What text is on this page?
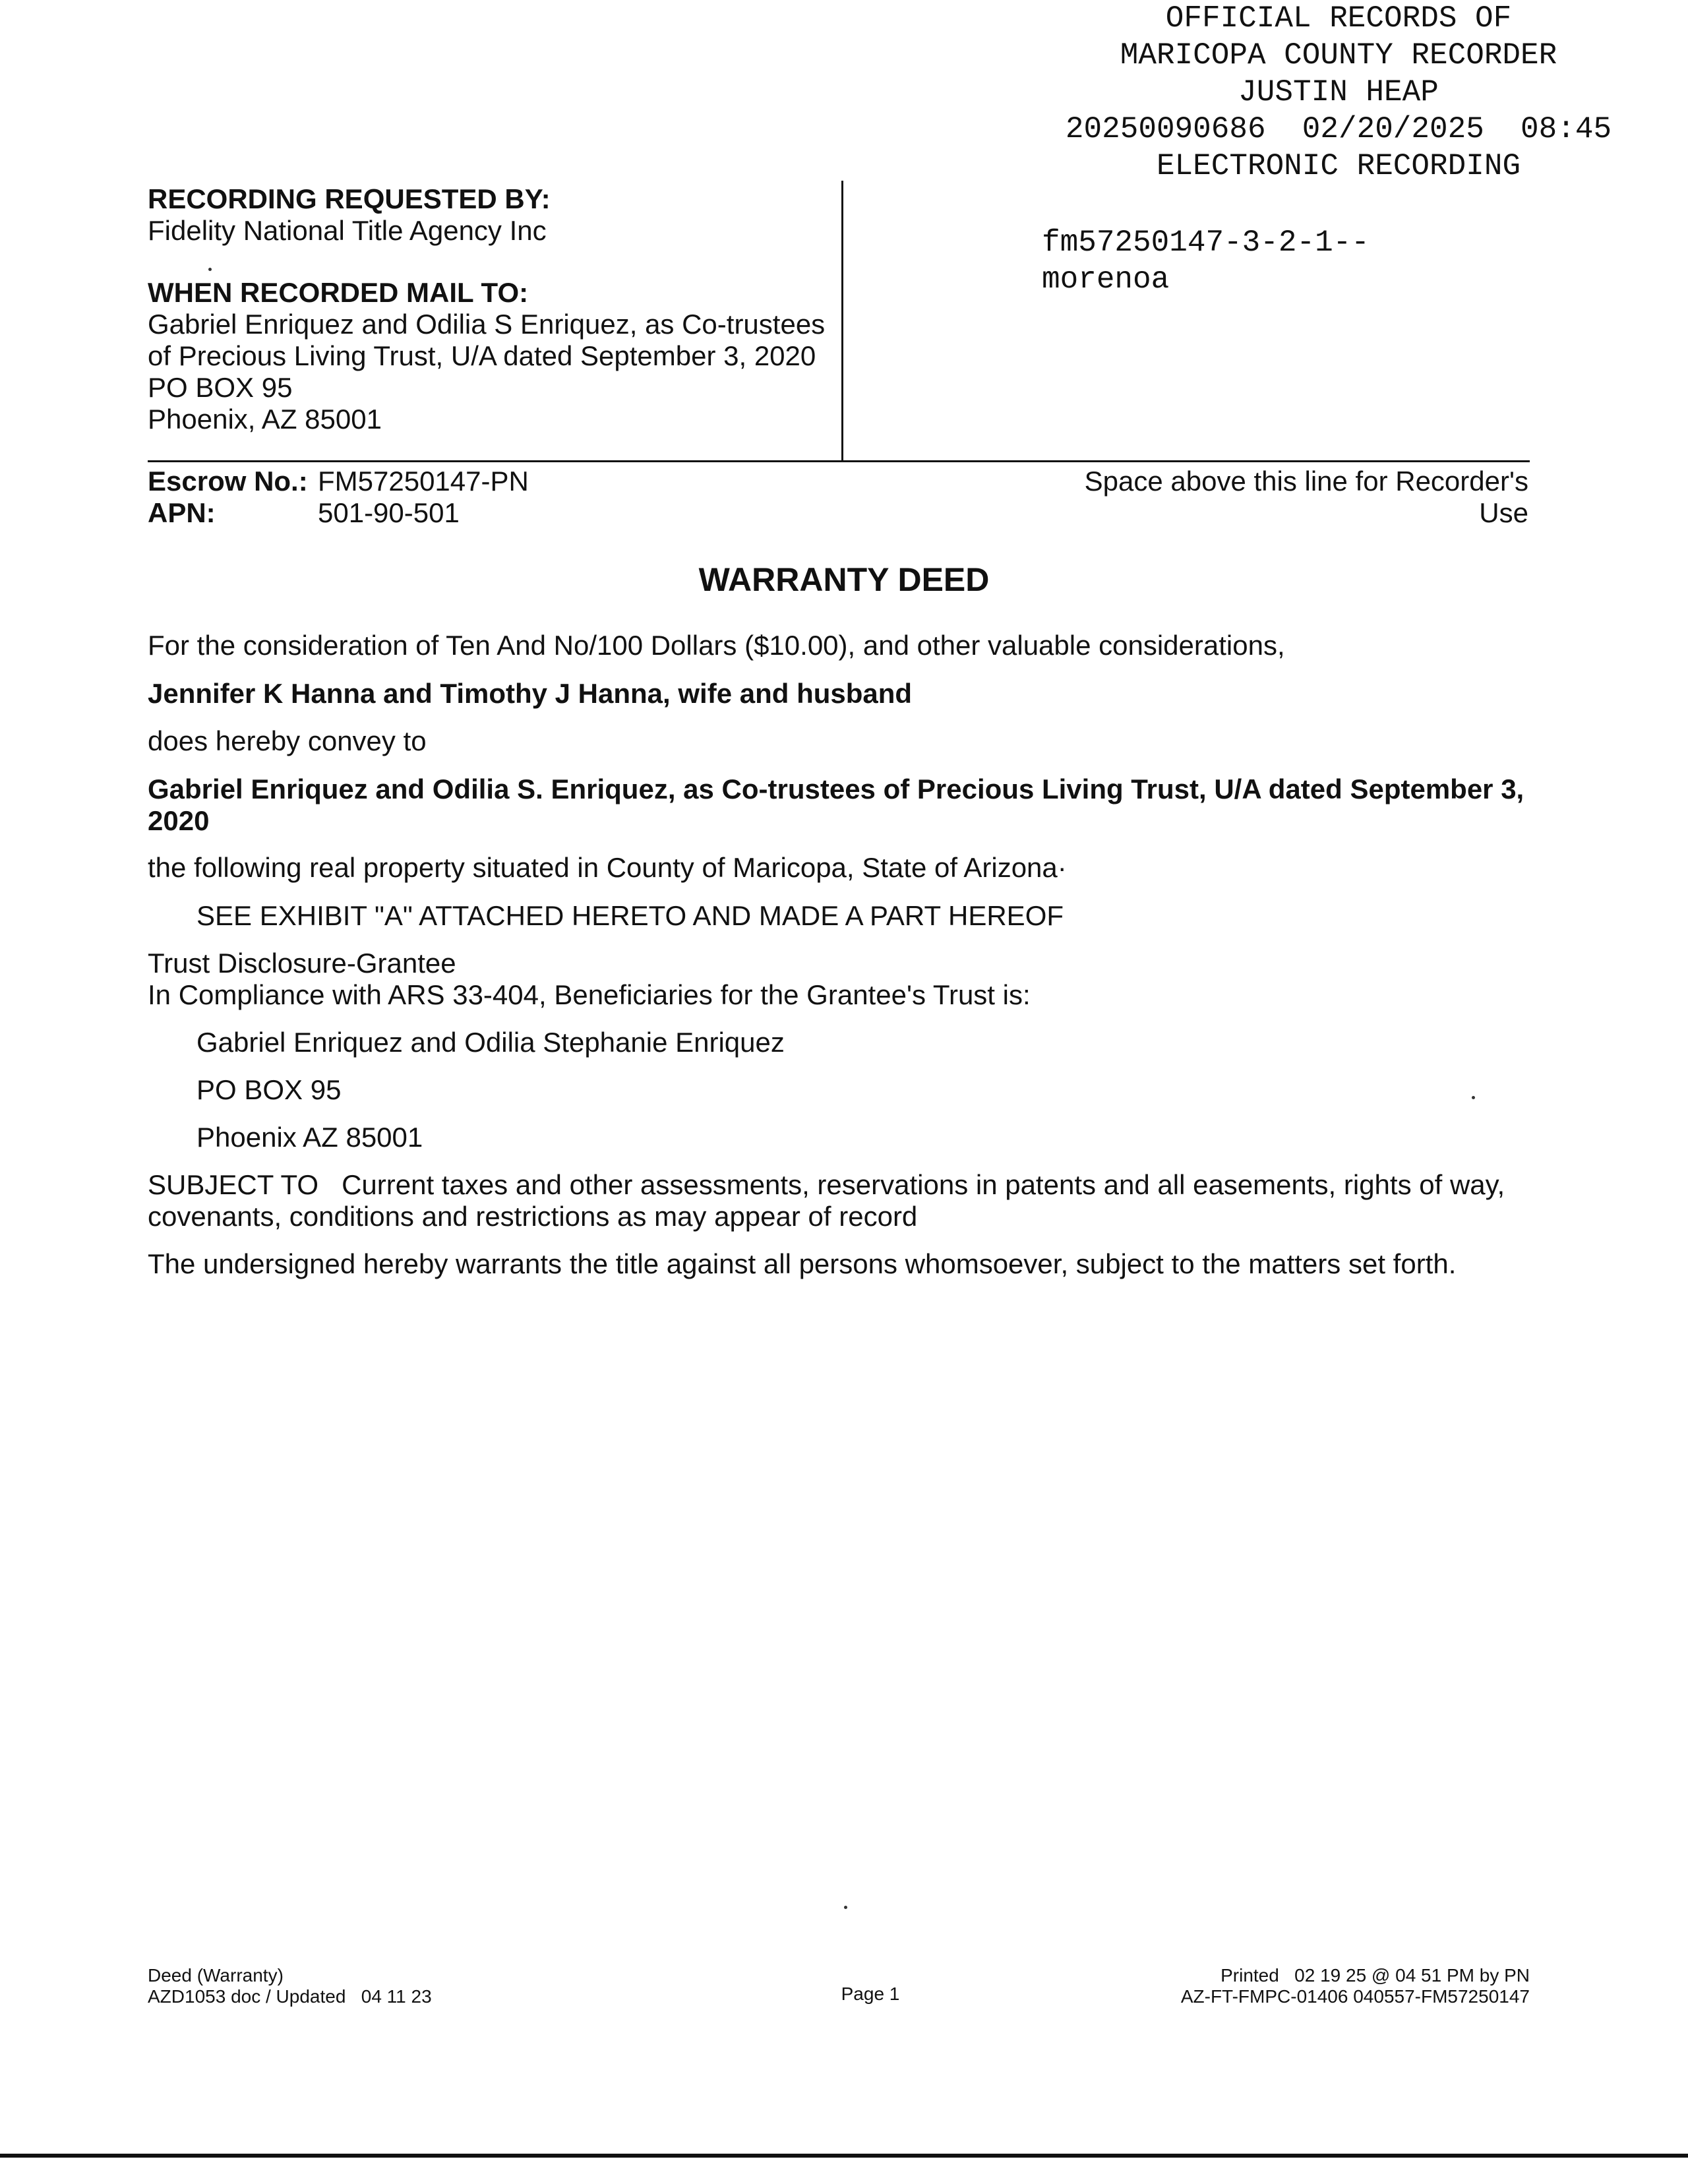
OFFICIAL RECORDS OF
MARICOPA COUNTY RECORDER
JUSTIN HEAP
20250090686  02/20/2025  08:45
ELECTRONIC RECORDING
fm57250147-3-2-1--
morenoa
RECORDING REQUESTED BY:
Fidelity National Title Agency Inc
WHEN RECORDED MAIL TO:
Gabriel Enriquez and Odilia S Enriquez, as Co-trustees
of Precious Living Trust, U/A dated September 3, 2020
PO BOX 95
Phoenix, AZ 85001
Escrow No.: FM57250147-PN
APN:	501-90-501
Space above this line for Recorder's Use
WARRANTY DEED
For the consideration of Ten And No/100 Dollars ($10.00), and other valuable considerations,
Jennifer K Hanna and Timothy J Hanna, wife and husband
does hereby convey to
Gabriel Enriquez and Odilia S. Enriquez, as Co-trustees of Precious Living Trust, U/A dated September 3,
2020
the following real property situated in County of Maricopa, State of Arizona·
SEE EXHIBIT "A" ATTACHED HERETO AND MADE A PART HEREOF
Trust Disclosure-Grantee
In Compliance with ARS 33-404, Beneficiaries for the Grantee's Trust is:
Gabriel Enriquez and Odilia Stephanie Enriquez
PO BOX 95
Phoenix AZ 85001
SUBJECT TO   Current taxes and other assessments, reservations in patents and all easements, rights of way,
covenants, conditions and restrictions as may appear of record
The undersigned hereby warrants the title against all persons whomsoever, subject to the matters set forth.
Deed (Warranty)
AZD1053 doc / Updated   04 11 23	Page 1
Printed   02 19 25 @ 04 51 PM by PN
AZ-FT-FMPC-01406 040557-FM57250147
